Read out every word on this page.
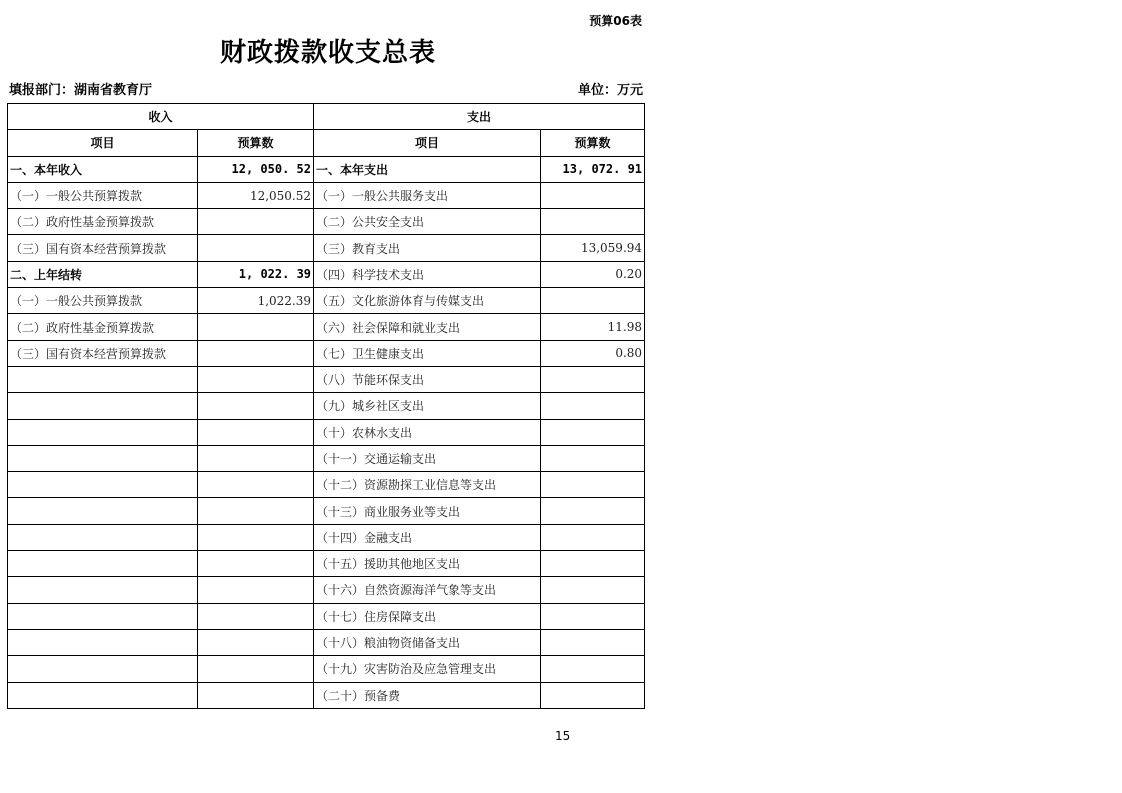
预算06表
财政拨款收支总表
填报部门：湖南省教育厅	单位：万元
收入		支出	
项目	预算数	项目	预算数
一、本年收入	12, 050. 52	一、本年支出	13, 072. 91
（一）一般公共预算拨款	12,050.52	（一）一般公共服务支出	
（二）政府性基金预算拨款		（二）公共安全支出	
（三）国有资本经营预算拨款		（三）教育支出	13,059.94
二、上年结转	1, 022. 39	（四）科学技术支出	0.20
（一）一般公共预算拨款	1,022.39	（五）文化旅游体育与传媒支出	
（二）政府性基金预算拨款		（六）社会保障和就业支出	11.98
（三）国有资本经营预算拨款		（七）卫生健康支出	0.80
		（八）节能环保支出	
		（九）城乡社区支出	
		（十）农林水支出	
		（十一）交通运输支出	
		（十二）资源勘探工业信息等支出	
		（十三）商业服务业等支出	
		（十四）金融支出	
		（十五）援助其他地区支出	
		（十六）自然资源海洋气象等支出	
		（十七）住房保障支出	
		（十八）粮油物资储备支出	
		（十九）灾害防治及应急管理支出	
		（二十）预备费	
15
